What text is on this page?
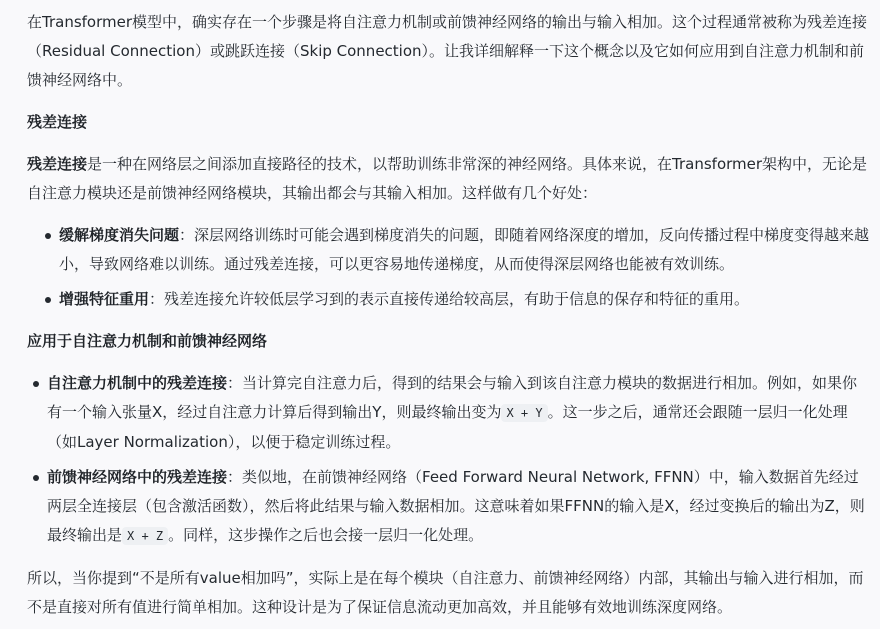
在Transformer模型中，确实存在一个步骤是将自注意力机制或前馈神经网络的输出与输入相加。这个过程通常被称为残差连接（Residual Connection）或跳跃连接（Skip Connection）。让我详细解释一下这个概念以及它如何应用到自注意力机制和前馈神经网络中。

残差连接

残差连接是一种在网络层之间添加直接路径的技术，以帮助训练非常深的神经网络。具体来说，在Transformer架构中，无论是自注意力模块还是前馈神经网络模块，其输出都会与其输入相加。这样做有几个好处：

缓解梯度消失问题：深层网络训练时可能会遇到梯度消失的问题，即随着网络深度的增加，反向传播过程中梯度变得越来越小，导致网络难以训练。通过残差连接，可以更容易地传递梯度，从而使得深层网络也能被有效训练。
增强特征重用：残差连接允许较低层学习到的表示直接传递给较高层，有助于信息的保存和特征的重用。
应用于自注意力机制和前馈神经网络
自注意力机制中的残差连接：当计算完自注意力后，得到的结果会与输入到该自注意力模块的数据进行相加。例如，如果你有一个输入张量X，经过自注意力计算后得到输出Y，则最终输出变为 X + Y 。这一步之后，通常还会跟随一层归一化处理（如Layer Normalization），以便于稳定训练过程。
前馈神经网络中的残差连接：类似地，在前馈神经网络（Feed Forward Neural Network, FFNN）中，输入数据首先经过两层全连接层（包含激活函数），然后将此结果与输入数据相加。这意味着如果FFNN的输入是X，经过变换后的输出为Z，则最终输出是 X + Z 。同样，这步操作之后也会接一层归一化处理。

所以，当你提到“不是所有value相加吗”，实际上是在每个模块（自注意力、前馈神经网络）内部，其输出与输入进行相加，而不是直接对所有值进行简单相加。这种设计是为了保证信息流动更加高效，并且能够有效地训练深度网络。
